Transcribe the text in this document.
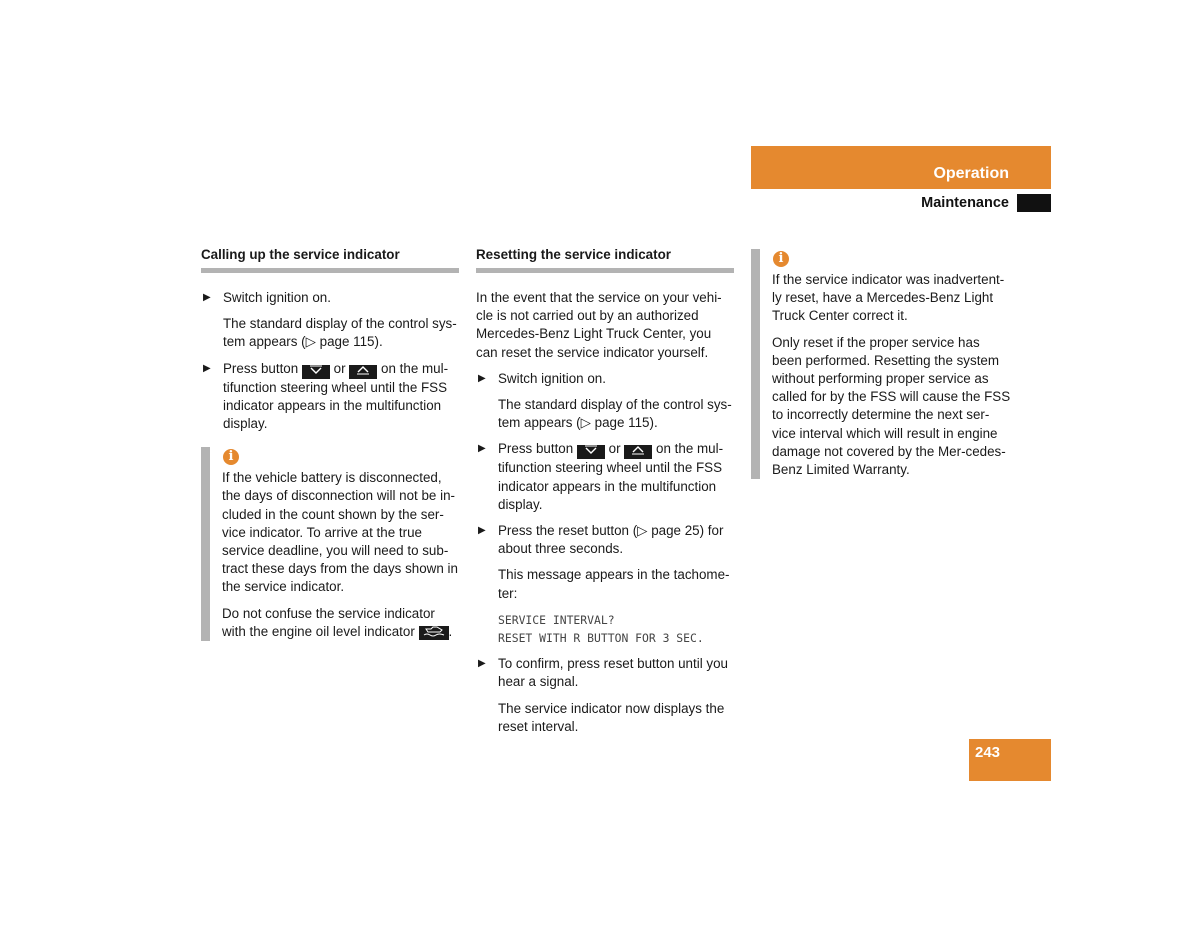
Operation
Maintenance
Calling up the service indicator
▶ Switch ignition on.

The standard display of the control sys-tem appears (▷ page 115).

▶ Press button	or	on the mul-tifunction steering wheel until the FSS indicator appears in the multifunction display.
i

If the vehicle battery is disconnected, the days of disconnection will not be in-cluded in the count shown by the ser-vice indicator. To arrive at the true service deadline, you will need to sub-tract these days from the days shown in the service indicator.

Do not confuse the service indicator with the engine oil level indicator	.

Resetting the service indicator

In the event that the service on your vehi-cle is not carried out by an authorized Mercedes-Benz Light Truck Center, you can reset the service indicator yourself.

▶ Switch ignition on.

The standard display of the control sys-tem appears (▷ page 115).

▶ Press button	or	on the mul-tifunction steering wheel until the FSS indicator appears in the multifunction display.
▶ Press the reset button (▷ page 25) for about three seconds.

This message appears in the tachome-ter:

SERVICE INTERVAL?
RESET WITH R BUTTON FOR 3 SEC.
▶ To confirm, press reset button until you hear a signal.

The service indicator now displays the reset interval.

i

If the service indicator was inadvertent-ly reset, have a Mercedes-Benz Light Truck Center correct it.

Only reset if the proper service has been performed. Resetting the system without performing proper service as called for by the FSS will cause the FSS to incorrectly determine the next ser-vice interval which will result in engine damage not covered by the Mer-cedes-Benz Limited Warranty.

243
